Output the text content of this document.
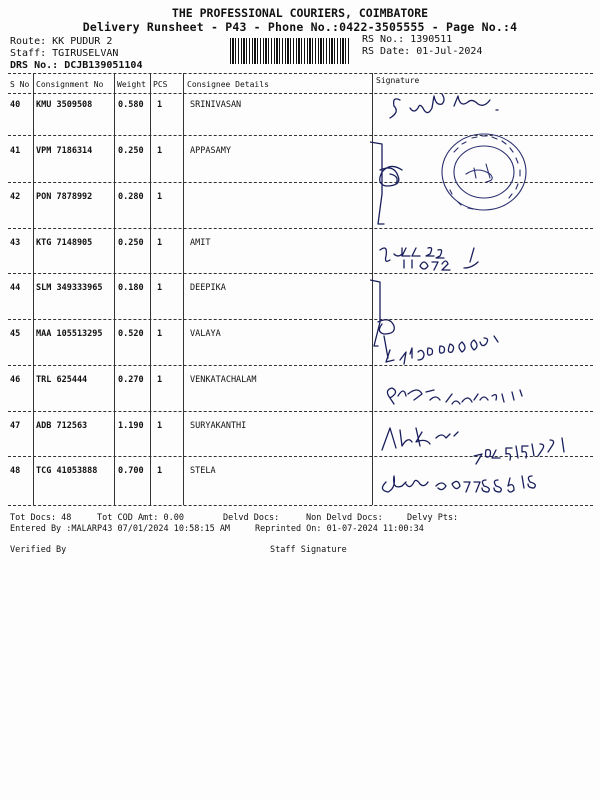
THE PROFESSIONAL COURIERS, COIMBATORE
Delivery Runsheet - P43 - Phone No.:0422-3505555 - Page No.:4
Route: KK PUDUR 2
Staff: TGIRUSELVAN
DRS No.: DCJB139051104
RS No.: 1390511
RS Date: 01-Jul-2024
S No Consignment No Weight PCS Consignee Details	Signature
40 KMU 3509508	0.580 1	SRINIVASAN
41 VPM 7186314	0.250 1	APPASAMY
42 PON 7878992	0.280 1
43 KTG 7148905	0.250 1	AMIT
44 SLM 349333965 0.180 1	DEEPIKA
45 MAA 105513295 0.520 1	VALAYA
46 TRL 625444	0.270 1	VENKATACHALAM
47 ADB 712563	1.190 1	SURYAKANTHI
48 TCG 41053888 0.700 1	STELA
Tot Docs: 48	Tot COD Amt: 0.00	Delvd Docs:	Non Delvd Docs:	Delvy Pts:
Entered By :MALARP43 07/01/2024 10:58:15 AM	Reprinted On: 01-07-2024 11:00:34
Verified By	Staff Signature
